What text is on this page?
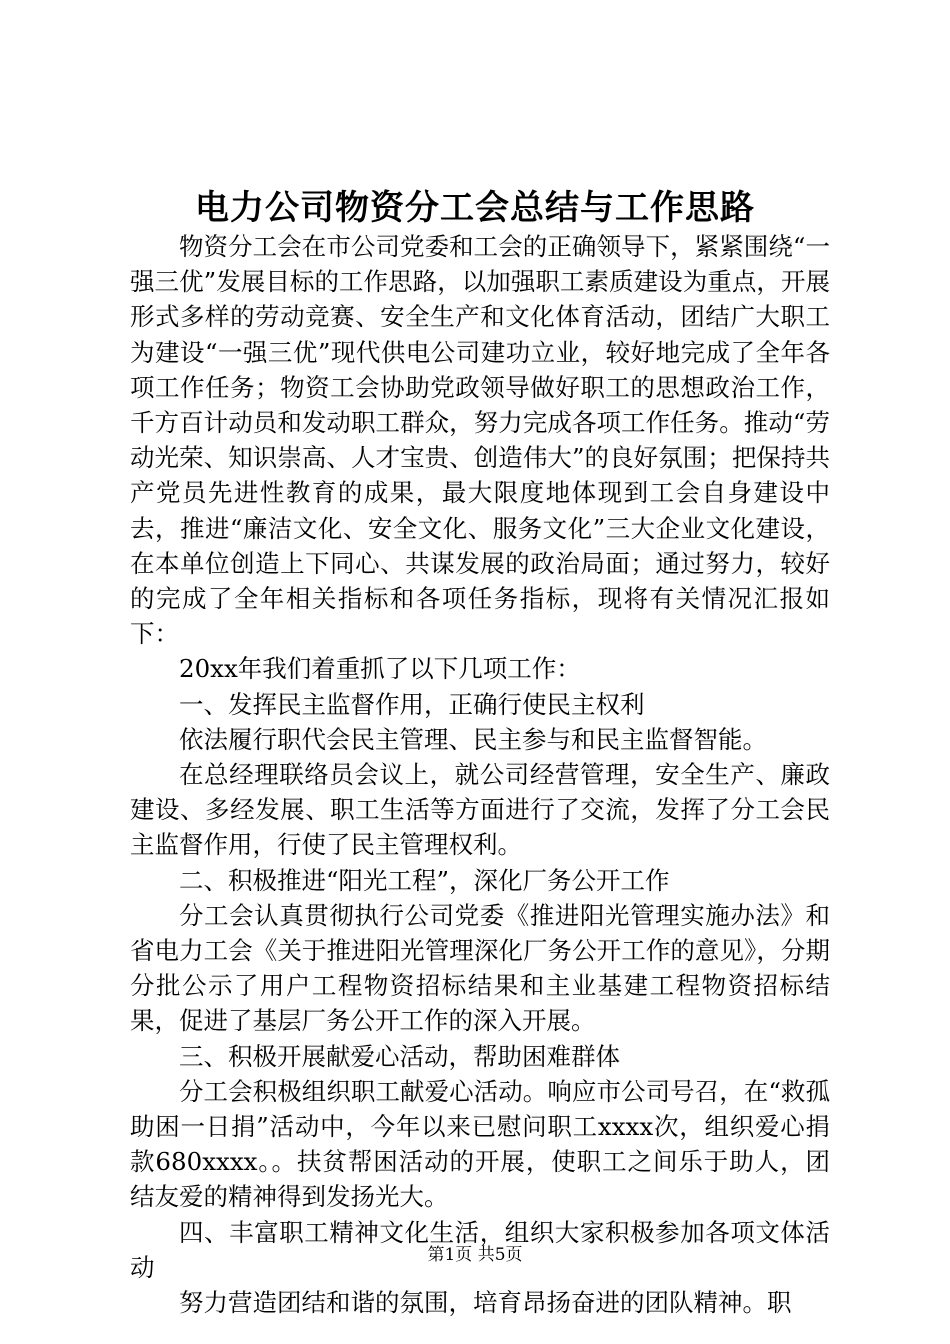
电力公司物资分工会总结与工作思路

物资分工会在市公司党委和工会的正确领导下，紧紧围绕“一强三优”发展目标的工作思路，以加强职工素质建设为重点，开展形式多样的劳动竞赛、安全生产和文化体育活动，团结广大职工为建设“一强三优”现代供电公司建功立业，较好地完成了全年各项工作任务；物资工会协助党政领导做好职工的思想政治工作，千方百计动员和发动职工群众，努力完成各项工作任务。推动“劳动光荣、知识崇高、人才宝贵、创造伟大”的良好氛围；把保持共产党员先进性教育的成果，最大限度地体现到工会自身建设中去，推进“廉洁文化、安全文化、服务文化”三大企业文化建设，在本单位创造上下同心、共谋发展的政治局面；通过努力，较好的完成了全年相关指标和各项任务指标，现将有关情况汇报如下：

20xx年我们着重抓了以下几项工作：

一、发挥民主监督作用，正确行使民主权利

依法履行职代会民主管理、民主参与和民主监督智能。

在总经理联络员会议上，就公司经营管理，安全生产、廉政建设、多经发展、职工生活等方面进行了交流，发挥了分工会民主监督作用，行使了民主管理权利。

二、积极推进“阳光工程”，深化厂务公开工作

分工会认真贯彻执行公司党委《推进阳光管理实施办法》和省电力工会《关于推进阳光管理深化厂务公开工作的意见》，分期分批公示了用户工程物资招标结果和主业基建工程物资招标结果，促进了基层厂务公开工作的深入开展。

三、积极开展献爱心活动，帮助困难群体

分工会积极组织职工献爱心活动。响应市公司号召，在“救孤助困一日捐”活动中，今年以来已慰问职工xxxx次，组织爱心捐款680xxxx。。扶贫帮困活动的开展，使职工之间乐于助人，团结友爱的精神得到发扬光大。

四、丰富职工精神文化生活，组织大家积极参加各项文体活动

努力营造团结和谐的氛围，培育昂扬奋进的团队精神。职

第1页 共5页
